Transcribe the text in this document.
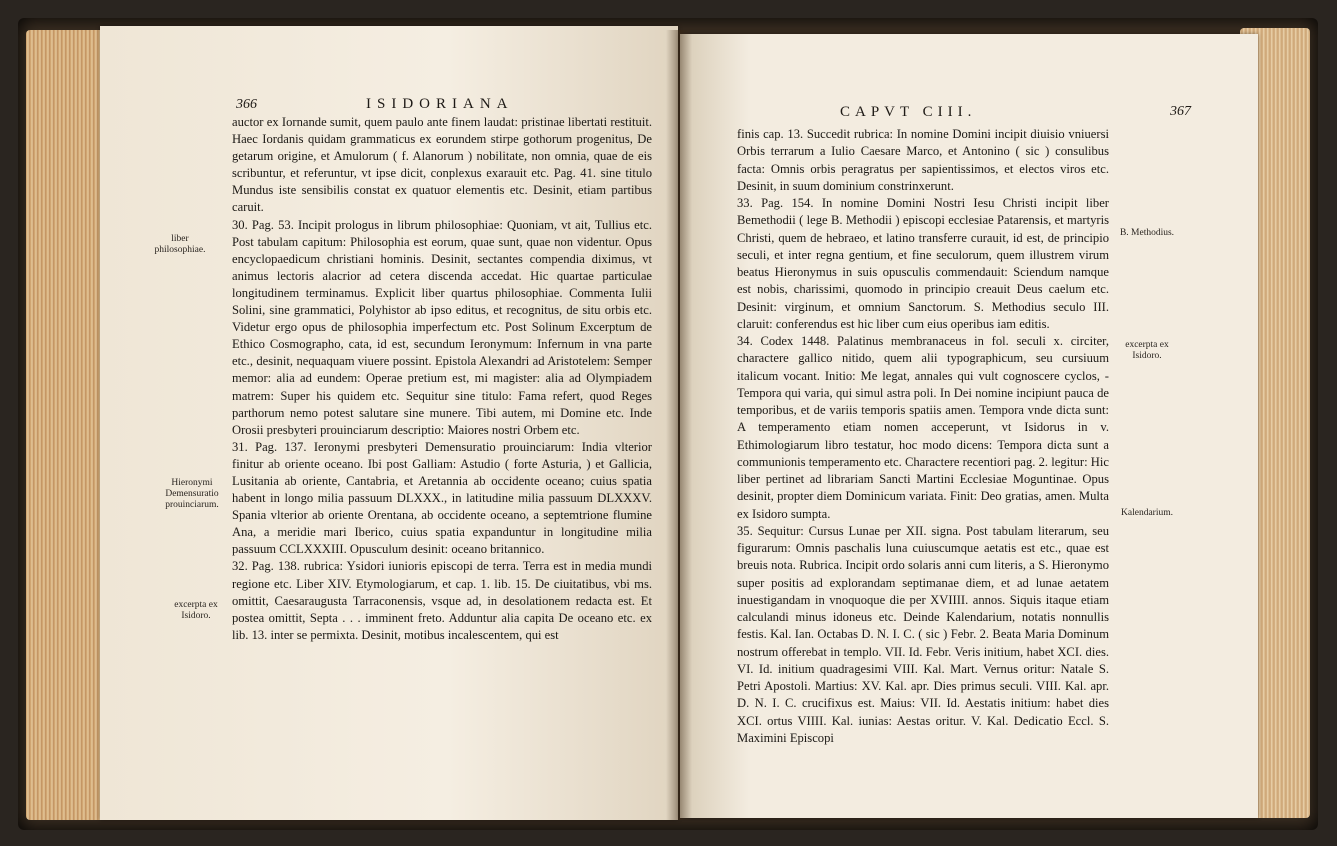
366	ISIDORIANA

auctor ex Iornande sumit, quem paulo ante finem laudat: pristinae libertati restituit. Haec Iordanis quidam grammaticus ex eorundem stirpe gothorum progenitus, De getarum origine, et Amulorum ( f. Alanorum ) nobilitate, non omnia, quae de eis scribuntur, et referuntur, vt ipse dicit, conplexus exarauit etc. Pag. 41. sine titulo Mundus iste sensibilis constat ex quatuor elementis etc. Desinit, etiam partibus caruit.

30. Pag. 53. Incipit prologus in librum philosophiae: Quoniam, vt ait, Tullius etc. Post tabulam capitum: Philosophia est eorum, quae sunt, quae non videntur. Opus encyclopaedicum christiani hominis. Desinit, sectantes compendia diximus, vt animus lectoris alacrior ad cetera discenda accedat. Hic quartae particulae longitudinem terminamus. Explicit liber quartus philosophiae. Commenta Iulii Solini, sine grammatici, Polyhistor ab ipso editus, et recognitus, de situ orbis etc. Videtur ergo opus de philosophia imperfectum etc. Post Solinum Excerptum de Ethico Cosmographo, cata, id est, secundum Ieronymum: Infernum in vna parte etc., desinit, nequaquam viuere possint. Epistola Alexandri ad Aristotelem: Semper memor: alia ad eundem: Operae pretium est, mi magister: alia ad Olympiadem matrem: Super his quidem etc. Sequitur sine titulo: Fama refert, quod Reges parthorum nemo potest salutare sine munere. Tibi autem, mi Domine etc. Inde Orosii presbyteri prouinciarum descriptio: Maiores nostri Orbem etc.

31. Pag. 137. Ieronymi presbyteri Demensuratio prouinciarum: India vlterior finitur ab oriente oceano. Ibi post Galliam: Astudio ( forte Asturia, ) et Gallicia, Lusitania ab oriente, Cantabria, et Aretannia ab occidente oceano; cuius spatia habent in longo milia passuum DLXXX., in latitudine milia passuum DLXXXV. Spania vlterior ab oriente Orentana, ab occidente oceano, a septemtrione flumine Ana, a meridie mari Iberico, cuius spatia expanduntur in longitudine milia passuum CCLXXXIII. Opusculum desinit: oceano britannico.

32. Pag. 138. rubrica: Ysidori iunioris episcopi de terra. Terra est in media mundi regione etc. Liber XIV. Etymologiarum, et cap. 1. lib. 15. De ciuitatibus, vbi ms. omittit, Caesaraugusta Tarraconensis, vsque ad, in desolationem redacta est. Et postea omittit, Septa . . . imminent freto. Adduntur alia capita De oceano etc. ex lib. 13. inter se permixta. Desinit, motibus incalescentem, qui est

liber philosophiae.
Hieronymi Demensuratio prouinciarum.
excerpta ex Isidoro.
CAPVT CIII.	367

finis cap. 13. Succedit rubrica: In nomine Domini incipit diuisio vniuersi Orbis terrarum a Iulio Caesare Marco, et Antonino ( sic ) consulibus facta: Omnis orbis peragratus per sapientissimos, et electos viros etc. Desinit, in suum dominium constrinxerunt.

33. Pag. 154. In nomine Domini Nostri Iesu Christi incipit liber Bemethodii ( lege B. Methodii ) episcopi ecclesiae Patarensis, et martyris Christi, quem de hebraeo, et latino transferre curauit, id est, de principio seculi, et inter regna gentium, et fine seculorum, quem illustrem virum beatus Hieronymus in suis opusculis commendauit: Sciendum namque est nobis, charissimi, quomodo in principio creauit Deus caelum etc. Desinit: virginum, et omnium Sanctorum. S. Methodius seculo III. claruit: conferendus est hic liber cum eius operibus iam editis.

34. Codex 1448. Palatinus membranaceus in fol. seculi x. circiter, charactere gallico nitido, quem alii typographicum, seu cursiuum italicum vocant. Initio: Me legat, annales qui vult cognoscere cyclos, - Tempora qui varia, qui simul astra poli. In Dei nomine incipiunt pauca de temporibus, et de variis temporis spatiis amen. Tempora vnde dicta sunt: A temperamento etiam nomen acceperunt, vt Isidorus in v. Ethimologiarum libro testatur, hoc modo dicens: Tempora dicta sunt a communionis temperamento etc. Charactere recentiori pag. 2. legitur: Hic liber pertinet ad librariam Sancti Martini Ecclesiae Moguntinae. Opus desinit, propter diem Dominicum variata. Finit: Deo gratias, amen. Multa ex Isidoro sumpta.

35. Sequitur: Cursus Lunae per XII. signa. Post tabulam literarum, seu figurarum: Omnis paschalis luna cuiuscumque aetatis est etc., quae est breuis nota. Rubrica. Incipit ordo solaris anni cum literis, a S. Hieronymo super positis ad explorandam septimanae diem, et ad lunae aetatem inuestigandam in vnoquoque die per XVIIII. annos. Siquis itaque etiam calculandi minus idoneus etc. Deinde Kalendarium, notatis nonnullis festis. Kal. Ian. Octabas D. N. I. C. ( sic ) Febr. 2. Beata Maria Dominum nostrum offerebat in templo. VII. Id. Febr. Veris initium, habet XCI. dies. VI. Id. initium quadragesimi VIII. Kal. Mart. Vernus oritur: Natale S. Petri Apostoli. Martius: XV. Kal. apr. Dies primus seculi. VIII. Kal. apr. D. N. I. C. crucifixus est. Maius: VII. Id. Aestatis initium: habet dies XCI. ortus VIIII. Kal. iunias: Aestas oritur. V. Kal. Dedicatio Eccl. S. Maximini Episcopi

B. Methodius.
excerpta ex Isidoro.
Kalendarium.
